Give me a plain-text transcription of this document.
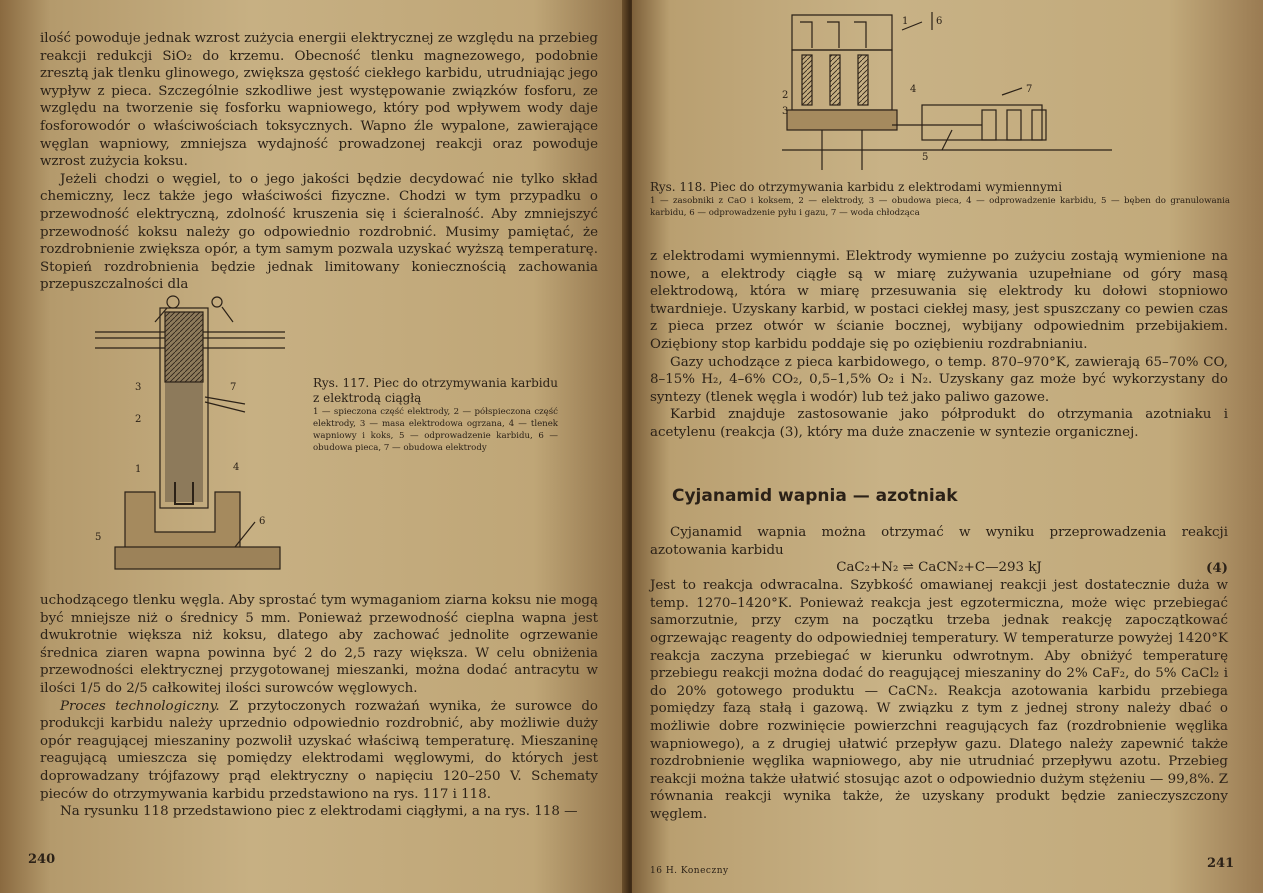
ilość powoduje jednak wzrost zużycia energii elektrycznej ze względu na przebieg reakcji redukcji SiO₂ do krzemu. Obecność tlenku magnezowego, podobnie zresztą jak tlenku glinowego, zwiększa gęstość ciekłego karbidu, utrudniając jego wypływ z pieca. Szczególnie szkodliwe jest występowanie związków fosforu, ze względu na tworzenie się fosforku wapniowego, który pod wpływem wody daje fosforowodór o właściwościach toksycznych. Wapno źle wypalone, zawierające węglan wapniowy, zmniejsza wydajność prowadzonej reakcji oraz powoduje wzrost zużycia koksu.

Jeżeli chodzi o węgiel, to o jego jakości będzie decydować nie tylko skład chemiczny, lecz także jego właściwości fizyczne. Chodzi w tym przypadku o przewodność elektryczną, zdolność kruszenia się i ścieralność. Aby zmniejszyć przewodność koksu należy go odpowiednio rozdrobnić. Musimy pamiętać, że rozdrobnienie zwiększa opór, a tym samym pozwala uzyskać wyższą temperaturę. Stopień rozdrobnienia będzie jednak limitowany koniecznością zachowania przepuszczalności dla

3	7
2
1	4
6
5

Rys. 117. Piec do otrzymywania karbidu z elektrodą ciągłą

1 — spieczona część elektrody, 2 — półspieczona część elektrody, 3 — masa elektrodowa ogrzana, 4 — tlenek wapniowy i koks, 5 — odprowadzenie karbidu, 6 — obudowa pieca, 7 — obudowa elektrody

uchodzącego tlenku węgla. Aby sprostać tym wymaganiom ziarna koksu nie mogą być mniejsze niż o średnicy 5 mm. Ponieważ przewodność cieplna wapna jest dwukrotnie większa niż koksu, dlatego aby zachować jednolite ogrzewanie średnica ziaren wapna powinna być 2 do 2,5 razy większa. W celu obniżenia przewodności elektrycznej przygotowanej mieszanki, można dodać antracytu w ilości 1/5 do 2/5 całkowitej ilości surowców węglowych.

Proces technologiczny. Z przytoczonych rozważań wynika, że surowce do produkcji karbidu należy uprzednio odpowiednio rozdrobnić, aby możliwie duży opór reagującej mieszaniny pozwolił uzyskać właściwą temperaturę. Mieszaninę reagującą umieszcza się pomiędzy elektrodami węglowymi, do których jest doprowadzany trójfazowy prąd elektryczny o napięciu 120–250 V. Schematy pieców do otrzymywania karbidu przedstawiono na rys. 117 i 118.

Na rysunku 118 przedstawiono piec z elektrodami ciągłymi, a na rys. 118 —

240
1	6
2
3
4	7
5

Rys. 118. Piec do otrzymywania karbidu z elektrodami wymiennymi

1 — zasobniki z CaO i koksem, 2 — elektrody, 3 — obudowa pieca, 4 — odprowadzenie karbidu, 5 — bęben do granulowania karbidu, 6 — odprowadzenie pyłu i gazu, 7 — woda chłodząca

z elektrodami wymiennymi. Elektrody wymienne po zużyciu zostają wymienione na nowe, a elektrody ciągłe są w miarę zużywania uzupełniane od góry masą elektrodową, która w miarę przesuwania się elektrody ku dołowi stopniowo twardnieje. Uzyskany karbid, w postaci ciekłej masy, jest spuszczany co pewien czas z pieca przez otwór w ścianie bocznej, wybijany odpowiednim przebijakiem. Oziębiony stop karbidu poddaje się po oziębieniu rozdrabnianiu.

Gazy uchodzące z pieca karbidowego, o temp. 870–970°K, zawierają 65–70% CO, 8–15% H₂, 4–6% CO₂, 0,5–1,5% O₂ i N₂. Uzyskany gaz może być wykorzystany do syntezy (tlenek węgla i wodór) lub też jako paliwo gazowe.

Karbid znajduje zastosowanie jako półprodukt do otrzymania azotniaku i acetylenu (reakcja (3), który ma duże znaczenie w syntezie organicznej.

Cyjanamid wapnia — azotniak

Cyjanamid wapnia można otrzymać w wyniku przeprowadzenia reakcji azotowania karbidu

CaC₂+N₂ ⇌ CaCN₂+C—293 kJ	(4)

Jest to reakcja odwracalna. Szybkość omawianej reakcji jest dostatecznie duża w temp. 1270–1420°K. Ponieważ reakcja jest egzotermiczna, może więc przebiegać samorzutnie, przy czym na początku trzeba jednak reakcję zapoczątkować ogrzewając reagenty do odpowiedniej temperatury. W temperaturze powyżej 1420°K reakcja zaczyna przebiegać w kierunku odwrotnym. Aby obniżyć temperaturę przebiegu reakcji można dodać do reagującej mieszaniny do 2% CaF₂, do 5% CaCl₂ i do 20% gotowego produktu — CaCN₂. Reakcja azotowania karbidu przebiega pomiędzy fazą stałą i gazową. W związku z tym z jednej strony należy dbać o możliwie dobre rozwinięcie powierzchni reagujących faz (rozdrobnienie węglika wapniowego), a z drugiej ułatwić przepływ gazu. Dlatego należy zapewnić także rozdrobnienie węglika wapniowego, aby nie utrudniać przepływu azotu. Przebieg reakcji można także ułatwić stosując azot o odpowiednio dużym stężeniu — 99,8%. Z równania reakcji wynika także, że uzyskany produkt będzie zanieczyszczony węglem.

16 H. Koneczny	241
